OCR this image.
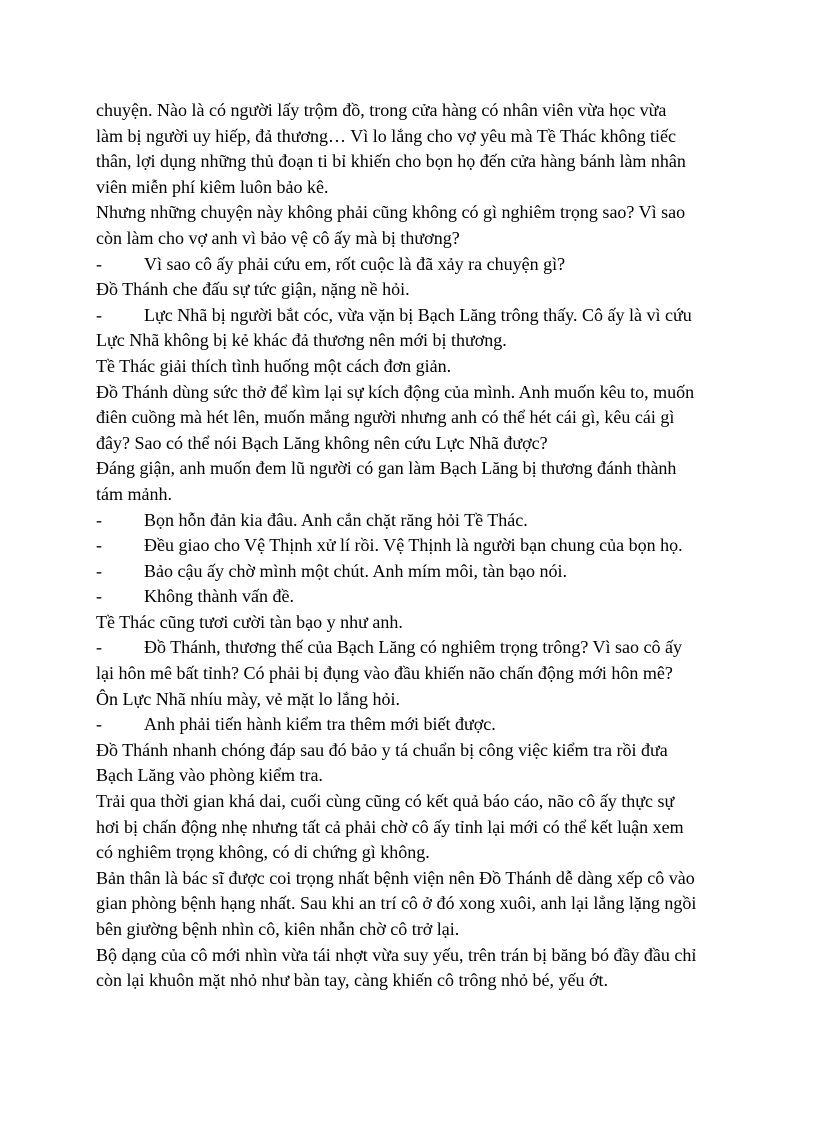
chuyện. Nào là có người lấy trộm đồ, trong cửa hàng có nhân viên vừa học vừa
làm bị người uy hiếp, đả thương… Vì lo lắng cho vợ yêu mà Tề Thác không tiếc
thân, lợi dụng những thủ đoạn ti bỉ khiến cho bọn họ đến cửa hàng bánh làm nhân
viên miễn phí kiêm luôn bảo kê.
Nhưng những chuyện này không phải cũng không có gì nghiêm trọng sao? Vì sao
còn làm cho vợ anh vì bảo vệ cô ấy mà bị thương?
- Vì sao cô ấy phải cứu em, rốt cuộc là đã xảy ra chuyện gì?
Đồ Thánh che đấu sự tức giận, nặng nề hỏi.
- Lực Nhã bị người bắt cóc, vừa vặn bị Bạch Lăng trông thấy. Cô ấy là vì cứu
Lực Nhã không bị kẻ khác đả thương nên mới bị thương.
Tề Thác giải thích tình huống một cách đơn giản.
Đồ Thánh dùng sức thở để kìm lại sự kích động của mình. Anh muốn kêu to, muốn
điên cuồng mà hét lên, muốn mắng người nhưng anh có thể hét cái gì, kêu cái gì
đây? Sao có thể nói Bạch Lăng không nên cứu Lực Nhã được?
Đáng giận, anh muốn đem lũ người có gan làm Bạch Lăng bị thương đánh thành
tám mảnh.
- Bọn hỗn đản kia đâu. Anh cắn chặt răng hỏi Tề Thác.
- Đều giao cho Vệ Thịnh xử lí rồi. Vệ Thịnh là người bạn chung của bọn họ.
- Bảo cậu ấy chờ mình một chút. Anh mím môi, tàn bạo nói.
- Không thành vấn đề.
Tề Thác cũng tươi cười tàn bạo y như anh.
- Đồ Thánh, thương thế của Bạch Lăng có nghiêm trọng trông? Vì sao cô ấy
lại hôn mê bất tỉnh? Có phải bị đụng vào đầu khiến não chấn động mới hôn mê?
Ôn Lực Nhã nhíu mày, vẻ mặt lo lắng hỏi.
- Anh phải tiến hành kiểm tra thêm mới biết được.
Đồ Thánh nhanh chóng đáp sau đó bảo y tá chuẩn bị công việc kiểm tra rồi đưa
Bạch Lăng vào phòng kiểm tra.
Trải qua thời gian khá dai, cuối cùng cũng có kết quả báo cáo, não cô ấy thực sự
hơi bị chấn động nhẹ nhưng tất cả phải chờ cô ấy tỉnh lại mới có thể kết luận xem
có nghiêm trọng không, có di chứng gì không.
Bản thân là bác sĩ được coi trọng nhất bệnh viện nên Đồ Thánh dễ dàng xếp cô vào
gian phòng bệnh hạng nhất. Sau khi an trí cô ở đó xong xuôi, anh lại lẳng lặng ngồi
bên giường bệnh nhìn cô, kiên nhẫn chờ cô trở lại.
Bộ dạng của cô mới nhìn vừa tái nhợt vừa suy yếu, trên trán bị băng bó đầy đầu chỉ
còn lại khuôn mặt nhỏ như bàn tay, càng khiến cô trông nhỏ bé, yếu ớt.
